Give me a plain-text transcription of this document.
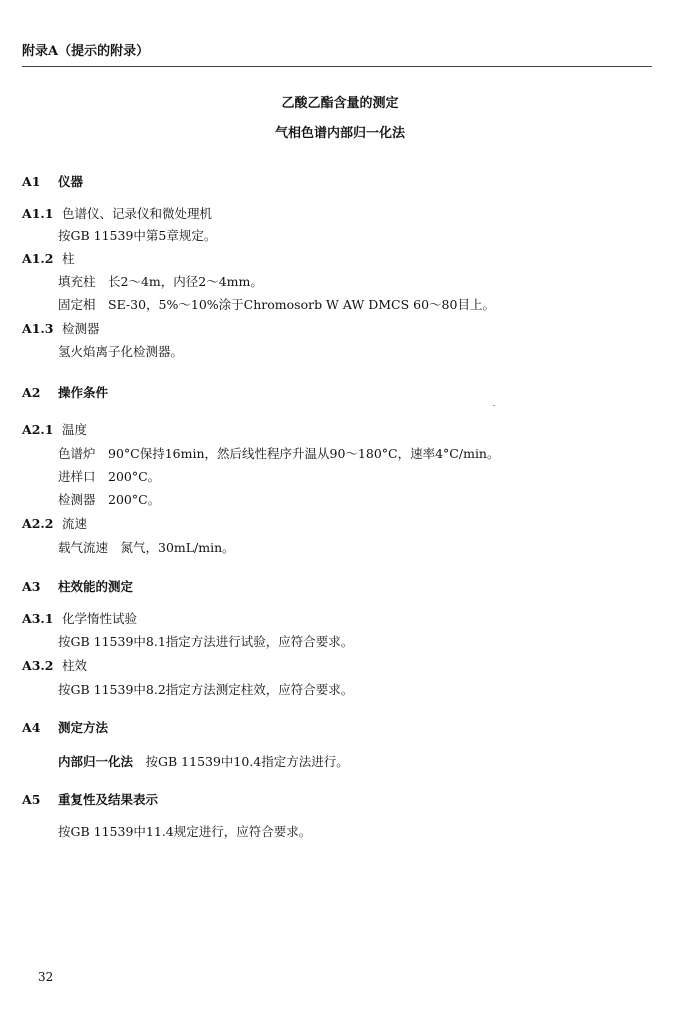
附录A（提示的附录）
乙酸乙酯含量的测定
气相色谱内部归一化法
A1 仪器
A1.1 色谱仪、记录仪和微处理机
按GB 11539中第5章规定。
A1.2 柱
填充柱　长2～4m，内径2～4mm。
固定相　SE-30，5%～10%涂于Chromosorb W AW DMCS 60～80目上。
A1.3 检测器
氢火焰离子化检测器。
A2 操作条件
A2.1 温度
色谱炉　90°C保持16min，然后线性程序升温从90～180°C，速率4°C/min。
进样口　200°C。
检测器　200°C。
A2.2 流速
载气流速　氮气，30mL/min。
A3 柱效能的测定
A3.1 化学惰性试验
按GB 11539中8.1指定方法进行试验，应符合要求。
A3.2 柱效
按GB 11539中8.2指定方法测定柱效，应符合要求。
A4 测定方法
内部归一化法　按GB 11539中10.4指定方法进行。
A5 重复性及结果表示
按GB 11539中11.4规定进行，应符合要求。
32
